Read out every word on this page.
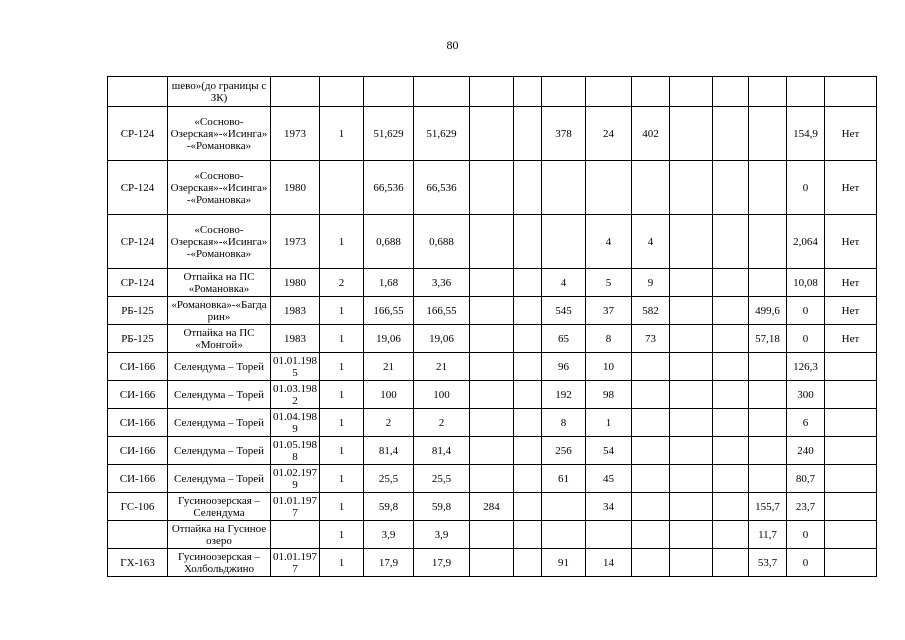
80
	шево»(до границы с ЗК)														
СР-124	«Сосново-Озерская»-«Исинга»-«Романовка»	1973	1	51,629	51,629			378	24	402				154,9	Нет
СР-124	«Сосново-Озерская»-«Исинга»-«Романовка»	1980		66,536	66,536									0	Нет
СР-124	«Сосново-Озерская»-«Исинга»-«Романовка»	1973	1	0,688	0,688				4	4				2,064	Нет
СР-124	Отпайка на ПС «Романовка»	1980	2	1,68	3,36			4	5	9				10,08	Нет
РБ-125	«Романовка»-«Багдарин»	1983	1	166,55	166,55			545	37	582			499,6	0	Нет
РБ-125	Отпайка на ПС «Монгой»	1983	1	19,06	19,06			65	8	73			57,18	0	Нет
СИ-166	Селендума – Торей	01.01.1985	1	21	21			96	10					126,3	
СИ-166	Селендума – Торей	01.03.1982	1	100	100			192	98					300	
СИ-166	Селендума – Торей	01.04.1989	1	2	2			8	1					6	
СИ-166	Селендума – Торей	01.05.1988	1	81,4	81,4			256	54					240	
СИ-166	Селендума – Торей	01.02.1979	1	25,5	25,5			61	45					80,7	
ГС-106	Гусиноозерская – Селендума	01.01.1977	1	59,8	59,8	284			34				155,7	23,7	
	Отпайка на Гусиное озеро		1	3,9	3,9								11,7	0	
ГХ-163	Гусиноозерская – Холбольджино	01.01.1977	1	17,9	17,9			91	14				53,7	0	
